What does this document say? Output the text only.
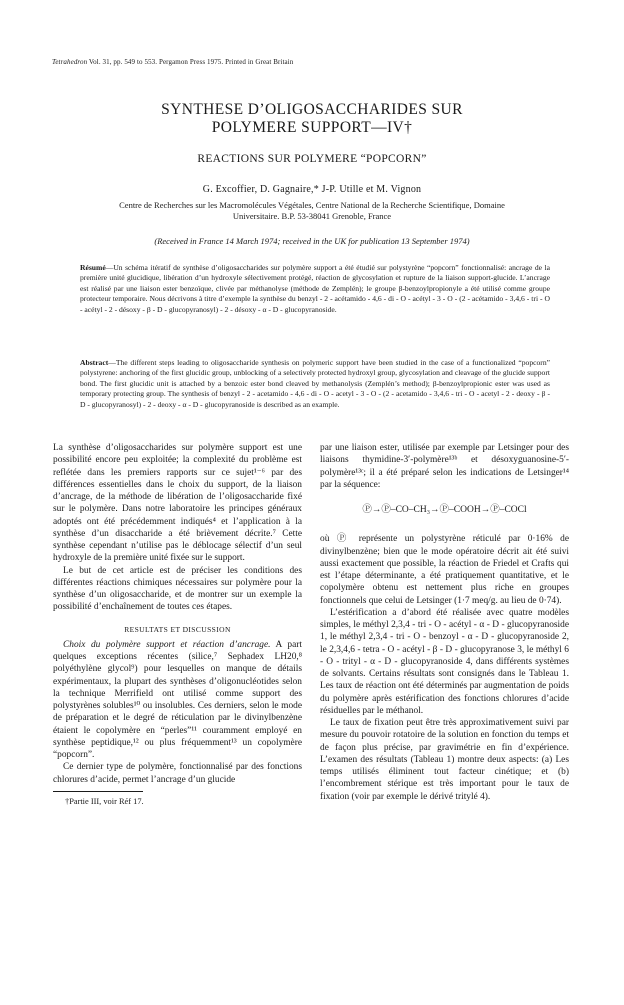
Tetrahedron Vol. 31, pp. 549 to 553. Pergamon Press 1975. Printed in Great Britain
SYNTHESE D’OLIGOSACCHARIDES SUR
POLYMERE SUPPORT—IV†
REACTIONS SUR POLYMERE “POPCORN”
G. Excoffier, D. Gagnaire,* J-P. Utille et M. Vignon
Centre de Recherches sur les Macromolécules Végétales, Centre National de la Recherche Scientifique, Domaine
Universitaire. B.P. 53-38041 Grenoble, France
(Received in France 14 March 1974; received in the UK for publication 13 September 1974)
Résumé—Un schéma itératif de synthèse d’oligosaccharides sur polymère support a été étudié sur polystyrène “popcorn” fonctionnalisé: ancrage de la première unité glucidique, libération d’un hydroxyle sélectivement protégé, réaction de glycosylation et rupture de la liaison support-glucide. L’ancrage est réalisé par une liaison ester benzoïque, clivée par méthanolyse (méthode de Zemplén); le groupe β-benzoylpropionyle a été utilisé comme groupe protecteur temporaire. Nous décrivons à titre d’exemple la synthèse du benzyl - 2 - acétamido - 4,6 - di - O - acétyl - 3 - O - (2 - acétamido - 3,4,6 - tri - O - acétyl - 2 - désoxy - β - D - glucopyranosyl) - 2 - désoxy - α - D - glucopyranoside.
Abstract—The different steps leading to oligosaccharide synthesis on polymeric support have been studied in the case of a functionalized “popcorn” polystyrene: anchoring of the first glucidic group, unblocking of a selectively protected hydroxyl group, glycosylation and cleavage of the glucide support bond. The first glucidic unit is attached by a benzoic ester bond cleaved by methanolysis (Zemplén’s method); β-benzoylpropionic ester was used as temporary protecting group. The synthesis of benzyl - 2 - acetamido - 4,6 - di - O - acetyl - 3 - O - (2 - acetamido - 3,4,6 - tri - O - acetyl - 2 - deoxy - β - D - glucopyranosyl) - 2 - deoxy - α - D - glucopyranoside is described as an example.

La synthèse d’oligosaccharides sur polymère support est une possibilité encore peu exploitée; la complexité du problème est reflétée dans les premiers rapports sur ce sujet¹⁻⁶ par des différences essentielles dans le choix du support, de la liaison d’ancrage, de la méthode de libération de l’oligosaccharide fixé sur le polymère. Dans notre laboratoire les principes généraux adoptés ont été précédemment indiqués⁴ et l’application à la synthèse d’un disaccharide a été brièvement décrite.⁷ Cette synthèse cependant n’utilise pas le déblocage sélectif d’un seul hydroxyle de la première unité fixée sur le support.

Le but de cet article est de préciser les conditions des différentes réactions chimiques nécessaires sur polymère pour la synthèse d’un oligosaccharide, et de montrer sur un exemple la possibilité d’enchaînement de toutes ces étapes.

RESULTATS ET DISCUSSION

Choix du polymère support et réaction d’ancrage. A part quelques exceptions récentes (silice,⁷ Sephadex LH20,⁸ polyéthylène glycol⁹) pour lesquelles on manque de détails expérimentaux, la plupart des synthèses d’oligonucléotides selon la technique Merrifield ont utilisé comme support des polystyrènes solubles¹⁰ ou insolubles. Ces derniers, selon le mode de préparation et le degré de réticulation par le divinylbenzène étaient le copolymère en “perles”¹¹ couramment employé en synthèse peptidique,¹² ou plus fréquemment¹³ un copolymère “popcorn”.

Ce dernier type de polymère, fonctionnalisé par des fonctions chlorures d’acide, permet l’ancrage d’un glucide

par une liaison ester, utilisée par exemple par Letsinger pour des liaisons thymidine-3′-polymère¹³ᵇ et désoxyguanosine-5′-polymère¹³ᶜ; il a été préparé selon les indications de Letsinger¹⁴ par la séquence:

Ⓟ→Ⓟ–CO–CH₃→Ⓟ–COOH→Ⓟ–COCl

où Ⓟ représente un polystyrène réticulé par 0·16% de divinylbenzène; bien que le mode opératoire décrit ait été suivi aussi exactement que possible, la réaction de Friedel et Crafts qui est l’étape déterminante, a été pratiquement quantitative, et le copolymère obtenu est nettement plus riche en groupes fonctionnels que celui de Letsinger (1·7 meq/g. au lieu de 0·74).

L’estérification a d’abord été réalisée avec quatre modèles simples, le méthyl 2,3,4 - tri - O - acétyl - α - D - glucopyranoside 1, le méthyl 2,3,4 - tri - O - benzoyl - α - D - glucopyranoside 2, le 2,3,4,6 - tetra - O - acétyl - β - D - glucopyranose 3, le méthyl 6 - O - trityl - α - D - glucopyranoside 4, dans différents systèmes de solvants. Certains résultats sont consignés dans le Tableau 1. Les taux de réaction ont été déterminés par augmentation de poids du polymère après estérification des fonctions chlorures d’acide résiduelles par le méthanol.

Le taux de fixation peut être très approximativement suivi par mesure du pouvoir rotatoire de la solution en fonction du temps et de façon plus précise, par gravimétrie en fin d’expérience. L’examen des résultats (Tableau 1) montre deux aspects: (a) Les temps utilisés éliminent tout facteur cinétique; et (b) l’encombrement stérique est très important pour le taux de fixation (voir par exemple le dérivé tritylé 4).

†Partie III, voir Réf 17.
